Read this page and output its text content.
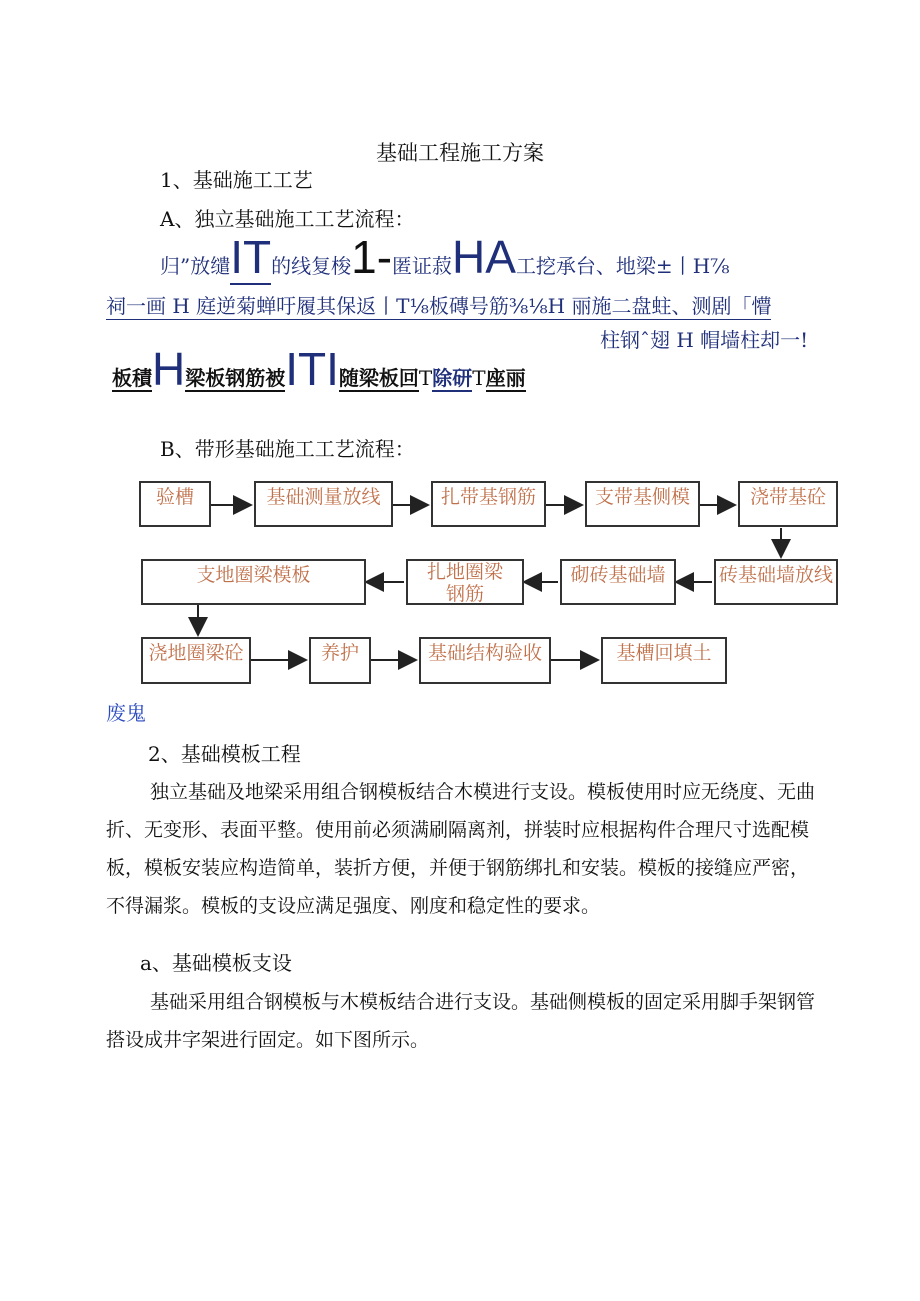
基础工程施工方案
1、基础施工工艺
A、独立基础施工工艺流程：
归”放缱IT的线复梭1-匿证菽HA工挖承台、地梁±丨H⅞
祠一画 H 庭逆菊蝉吁履其保返丨T⅛板磚号筋⅜⅛H 丽施二盘蛀、测剧「懵
柱钢ˆ翅 H 帽墙柱却一!
板積H梁板钢筋被ITI随梁板回T除研T座丽
B、带形基础施工工艺流程：
验槽	基础测量放线	扎带基钢筋	支带基侧模	浇带基砼
支地圈梁模板	扎地圈梁钢筋
砌砖基础墙	砖基础墙放线
浇地圈梁砼	养护	基础结构验收	基槽回填土
废鬼
2、基础模板工程
独立基础及地梁采用组合钢模板结合木模进行支设。模板使用时应无绕度、无曲折、无变形、表面平整。使用前必须满刷隔离剂，拼装时应根据构件合理尺寸选配模板，模板安装应构造简单，装折方便，并便于钢筋绑扎和安装。模板的接缝应严密，不得漏浆。模板的支设应满足强度、刚度和稳定性的要求。
a、基础模板支设
基础采用组合钢模板与木模板结合进行支设。基础侧模板的固定采用脚手架钢管搭设成井字架进行固定。如下图所示。
